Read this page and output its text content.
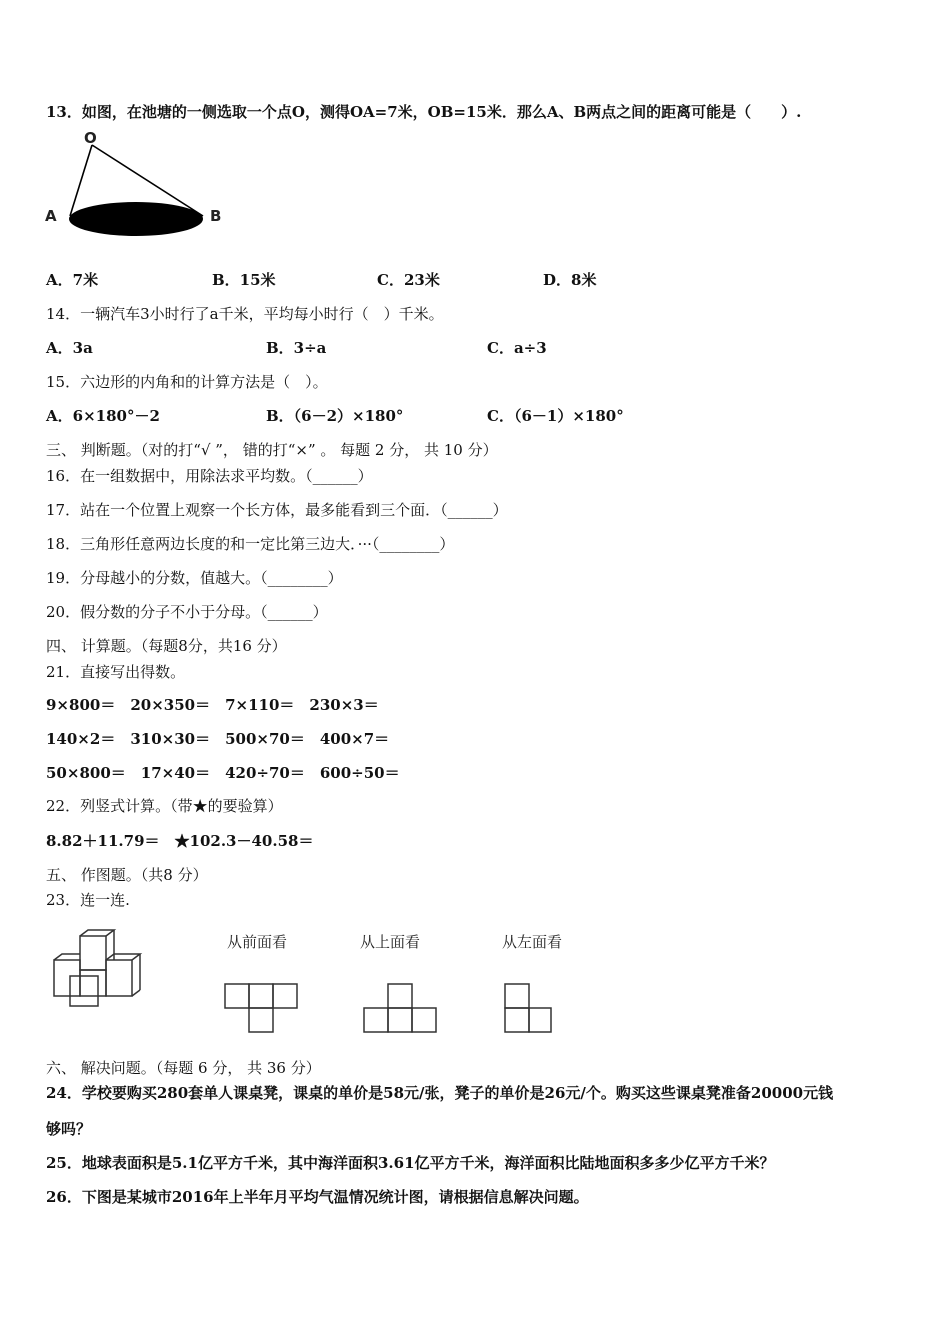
13．如图，在池塘的一侧选取一个点O，测得OA=7米，OB=15米．那么A、B两点之间的距离可能是（　　）.
O
A	B
A．7米	B．15米	C．23米	D．8米
14．一辆汽车3小时行了a千米，平均每小时行（　）千米。
A．3a	B．3÷a	C．a÷3
15．六边形的内角和的计算方法是（　）。
A．6×180°－2	B．（6－2）×180°	C．（6－1）×180°
三、 判断题。（对的打“√ ”， 错的打“×” 。 每题 2 分， 共 10 分）
16．在一组数据中，用除法求平均数。（______）
17．站在一个位置上观察一个长方体，最多能看到三个面．（______）
18．三角形任意两边长度的和一定比第三边大．···（________）
19．分母越小的分数，值越大。（________）
20．假分数的分子不小于分母。（______）
四、 计算题。（每题8分，共16 分）
21．直接写出得数。
9×800＝　20×350＝　7×110＝　230×3＝
140×2＝　310×30＝　500×70＝　400×7＝
50×800＝　17×40＝　420÷70＝　600÷50＝
22．列竖式计算。（带★的要验算）
8.82＋11.79＝　★102.3－40.58＝
五、 作图题。（共8 分）
23．连一连.
从前面看	从上面看	从左面看
六、 解决问题。（每题 6 分， 共 36 分）
24．学校要购买280套单人课桌凳，课桌的单价是58元/张，凳子的单价是26元/个。购买这些课桌凳准备20000元钱
够吗？
25．地球表面积是5.1亿平方千米，其中海洋面积3.61亿平方千米，海洋面积比陆地面积多多少亿平方千米？
26．下图是某城市2016年上半年月平均气温情况统计图，请根据信息解决问题。
